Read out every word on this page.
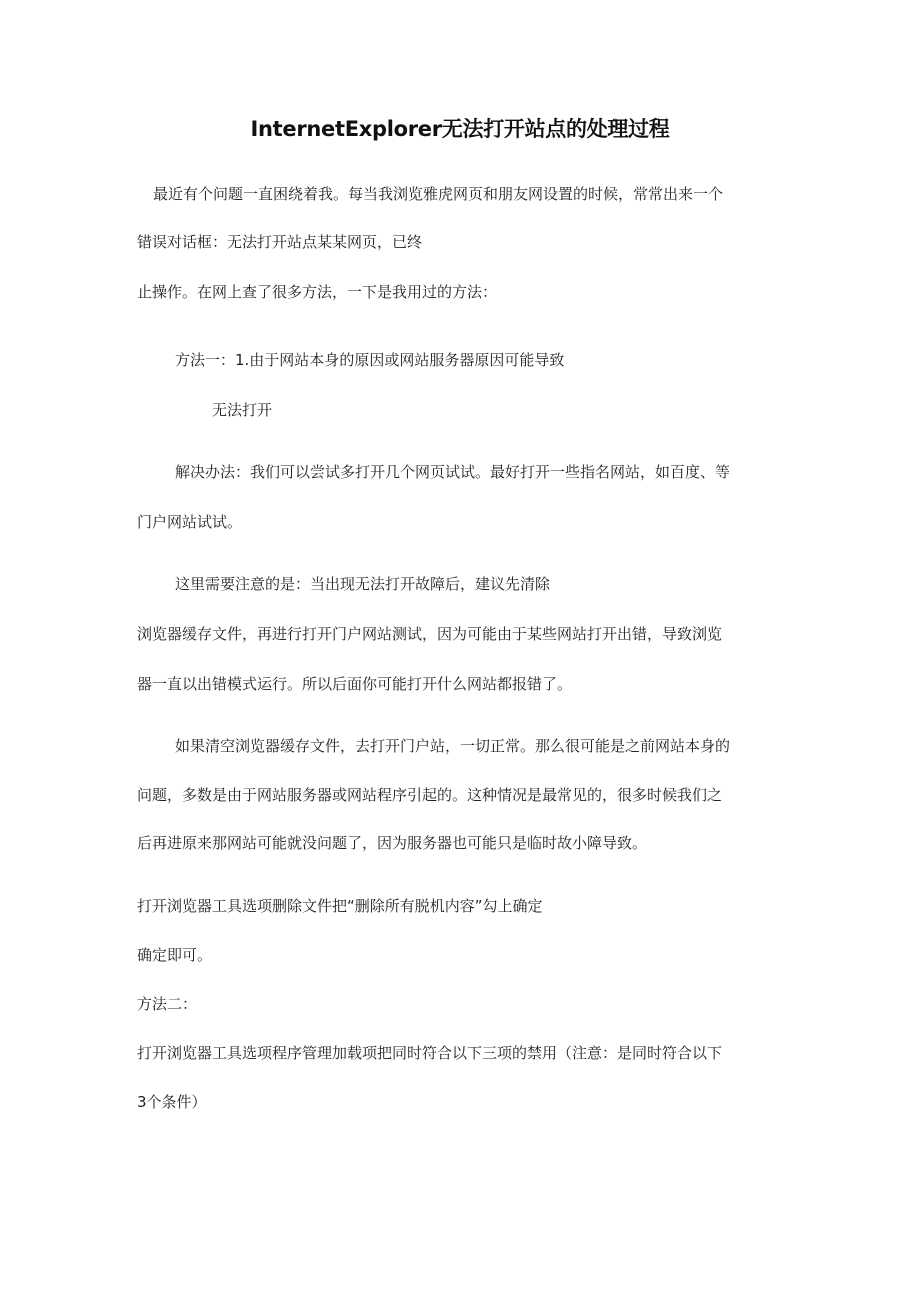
InternetExplorer无法打开站点的处理过程
最近有个问题一直困绕着我。每当我浏览雅虎网页和朋友网设置的时候，常常出来一个
错误对话框：无法打开站点某某网页，已终
止操作。在网上查了很多方法，一下是我用过的方法：
方法一：1.由于网站本身的原因或网站服务器原因可能导致
无法打开
解决办法：我们可以尝试多打开几个网页试试。最好打开一些指名网站，如百度、等
门户网站试试。
这里需要注意的是：当出现无法打开故障后，建议先清除
浏览器缓存文件，再进行打开门户网站测试，因为可能由于某些网站打开出错，导致浏览
器一直以出错模式运行。所以后面你可能打开什么网站都报错了。
如果清空浏览器缓存文件，去打开门户站，一切正常。那么很可能是之前网站本身的
问题，多数是由于网站服务器或网站程序引起的。这种情况是最常见的，很多时候我们之
后再进原来那网站可能就没问题了，因为服务器也可能只是临时故小障导致。
打开浏览器工具选项删除文件把“删除所有脱机内容”勾上确定
确定即可。
方法二：
打开浏览器工具选项程序管理加载项把同时符合以下三项的禁用（注意：是同时符合以下
3个条件）
